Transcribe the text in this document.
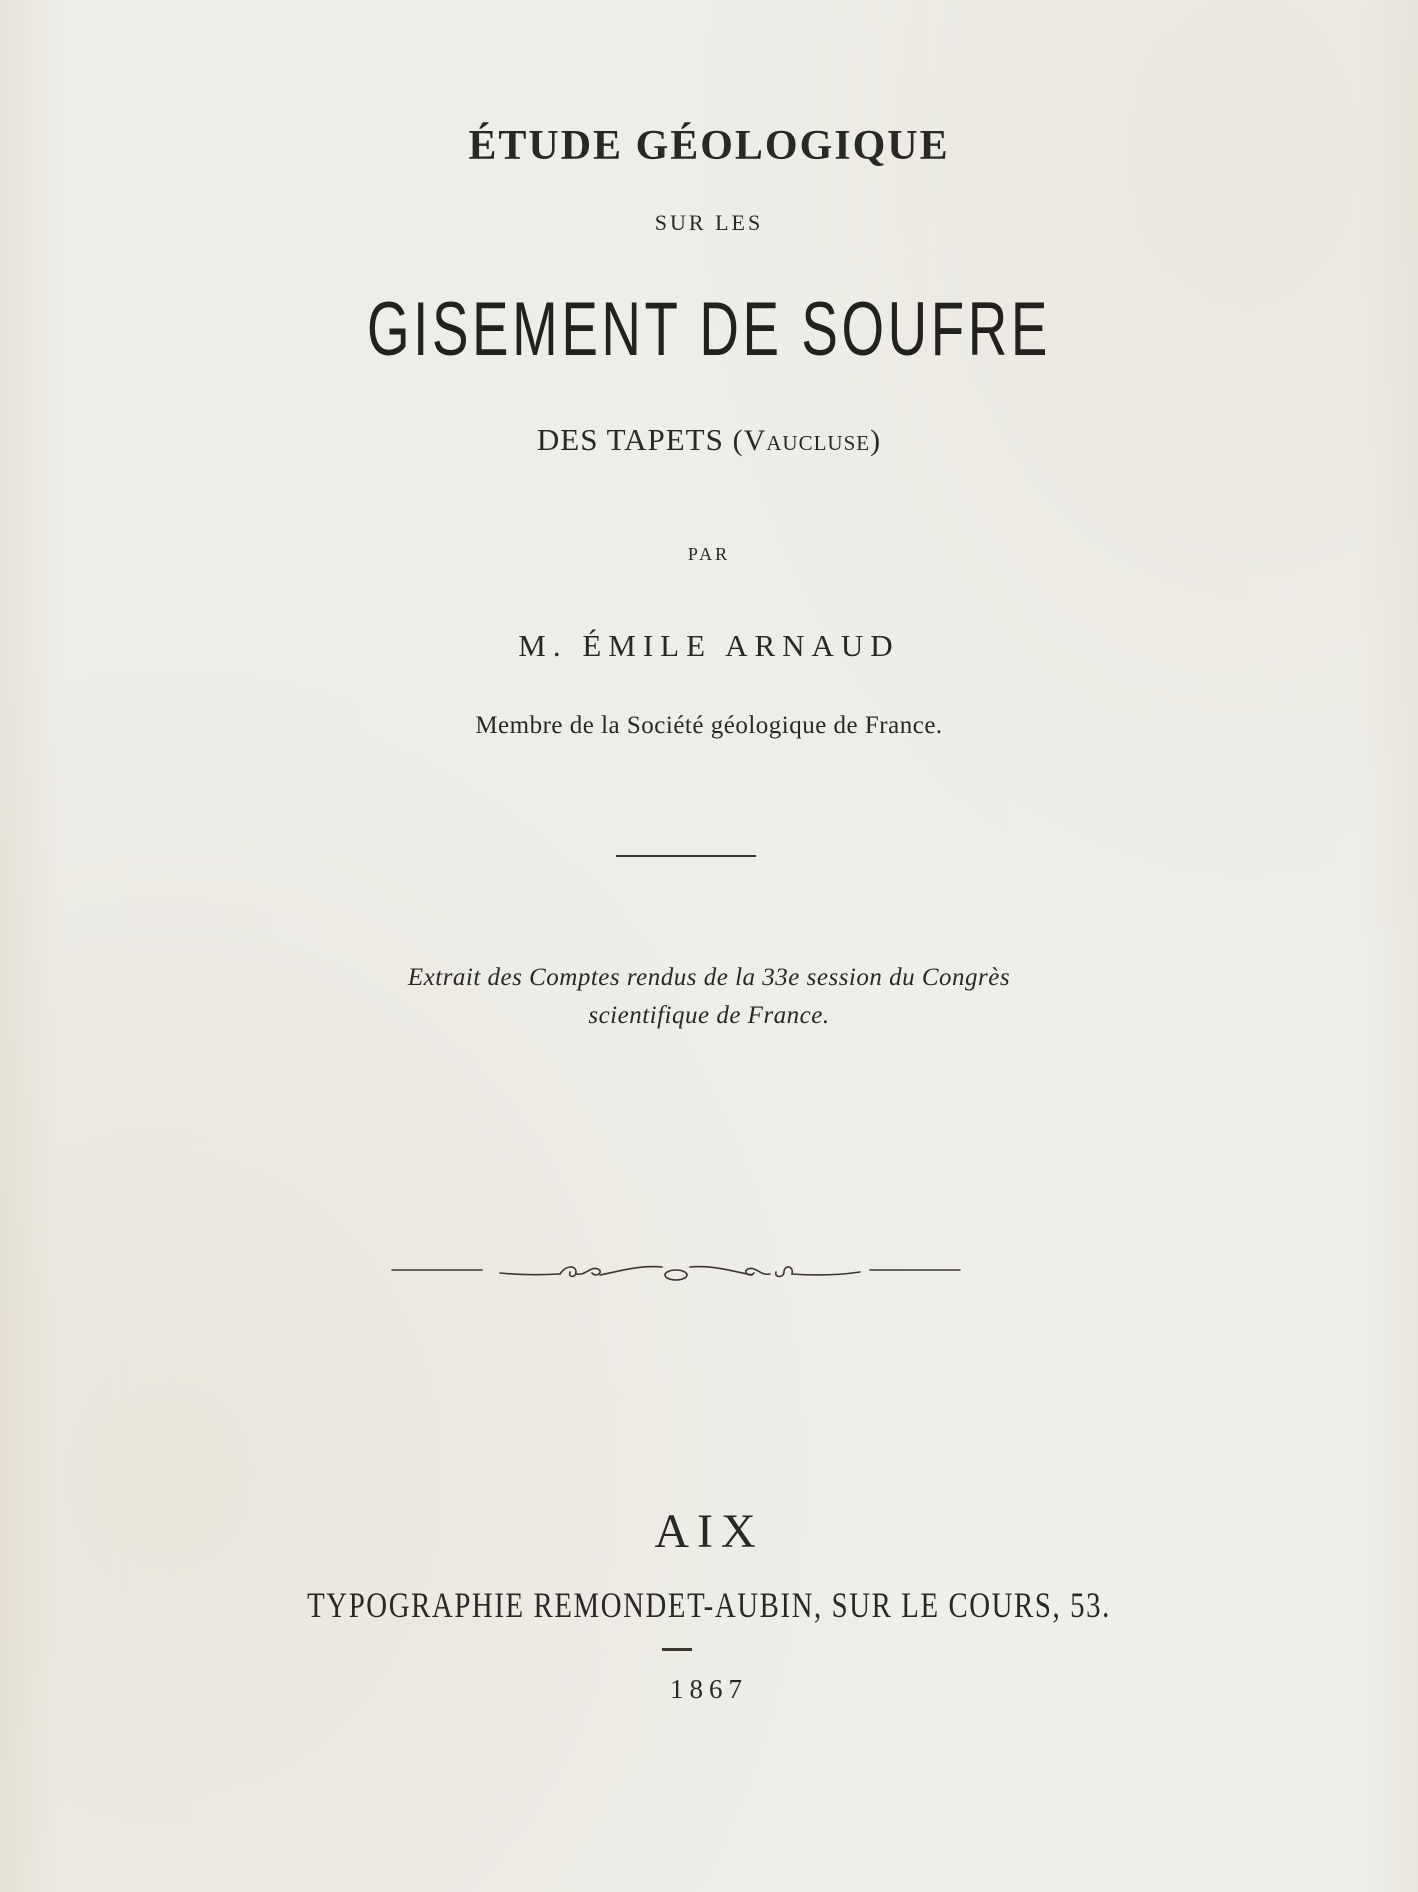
ÉTUDE GÉOLOGIQUE

SUR LES

GISEMENT DE SOUFRE

DES TAPETS (Vaucluse)

PAR

M. ÉMILE ARNAUD

Membre de la Société géologique de France.

Extrait des Comptes rendus de la 33e session du Congrès

scientifique de France.

AIX

TYPOGRAPHIE REMONDET-AUBIN, SUR LE COURS, 53.

1867
